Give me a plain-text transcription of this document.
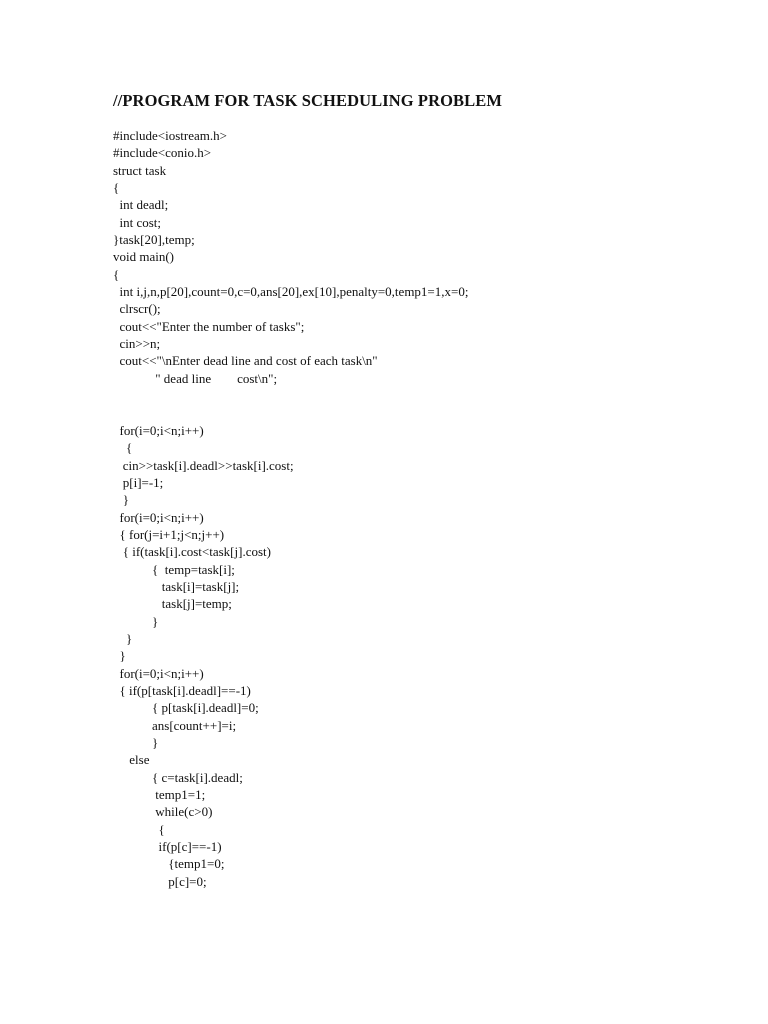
//PROGRAM FOR TASK SCHEDULING PROBLEM
#include<iostream.h>
#include<conio.h>
struct task
{
int deadl;
int cost;
}task[20],temp;
void main()
{
int i,j,n,p[20],count=0,c=0,ans[20],ex[10],penalty=0,temp1=1,x=0;
clrscr();
cout<<"Enter the number of tasks";
cin>>n;
cout<<"\nEnter dead line and cost of each task\n"
" dead line        cost\n";
for(i=0;i<n;i++)
{
cin>>task[i].deadl>>task[i].cost;
p[i]=-1;
}
for(i=0;i<n;i++)
{ for(j=i+1;j<n;j++)
{ if(task[i].cost<task[j].cost)
{  temp=task[i];
task[i]=task[j];
task[j]=temp;
}
}
}
for(i=0;i<n;i++)
{ if(p[task[i].deadl]==-1)
{ p[task[i].deadl]=0;
ans[count++]=i;
}
else
{ c=task[i].deadl;
temp1=1;
while(c>0)
{
if(p[c]==-1)
{temp1=0;
p[c]=0;
